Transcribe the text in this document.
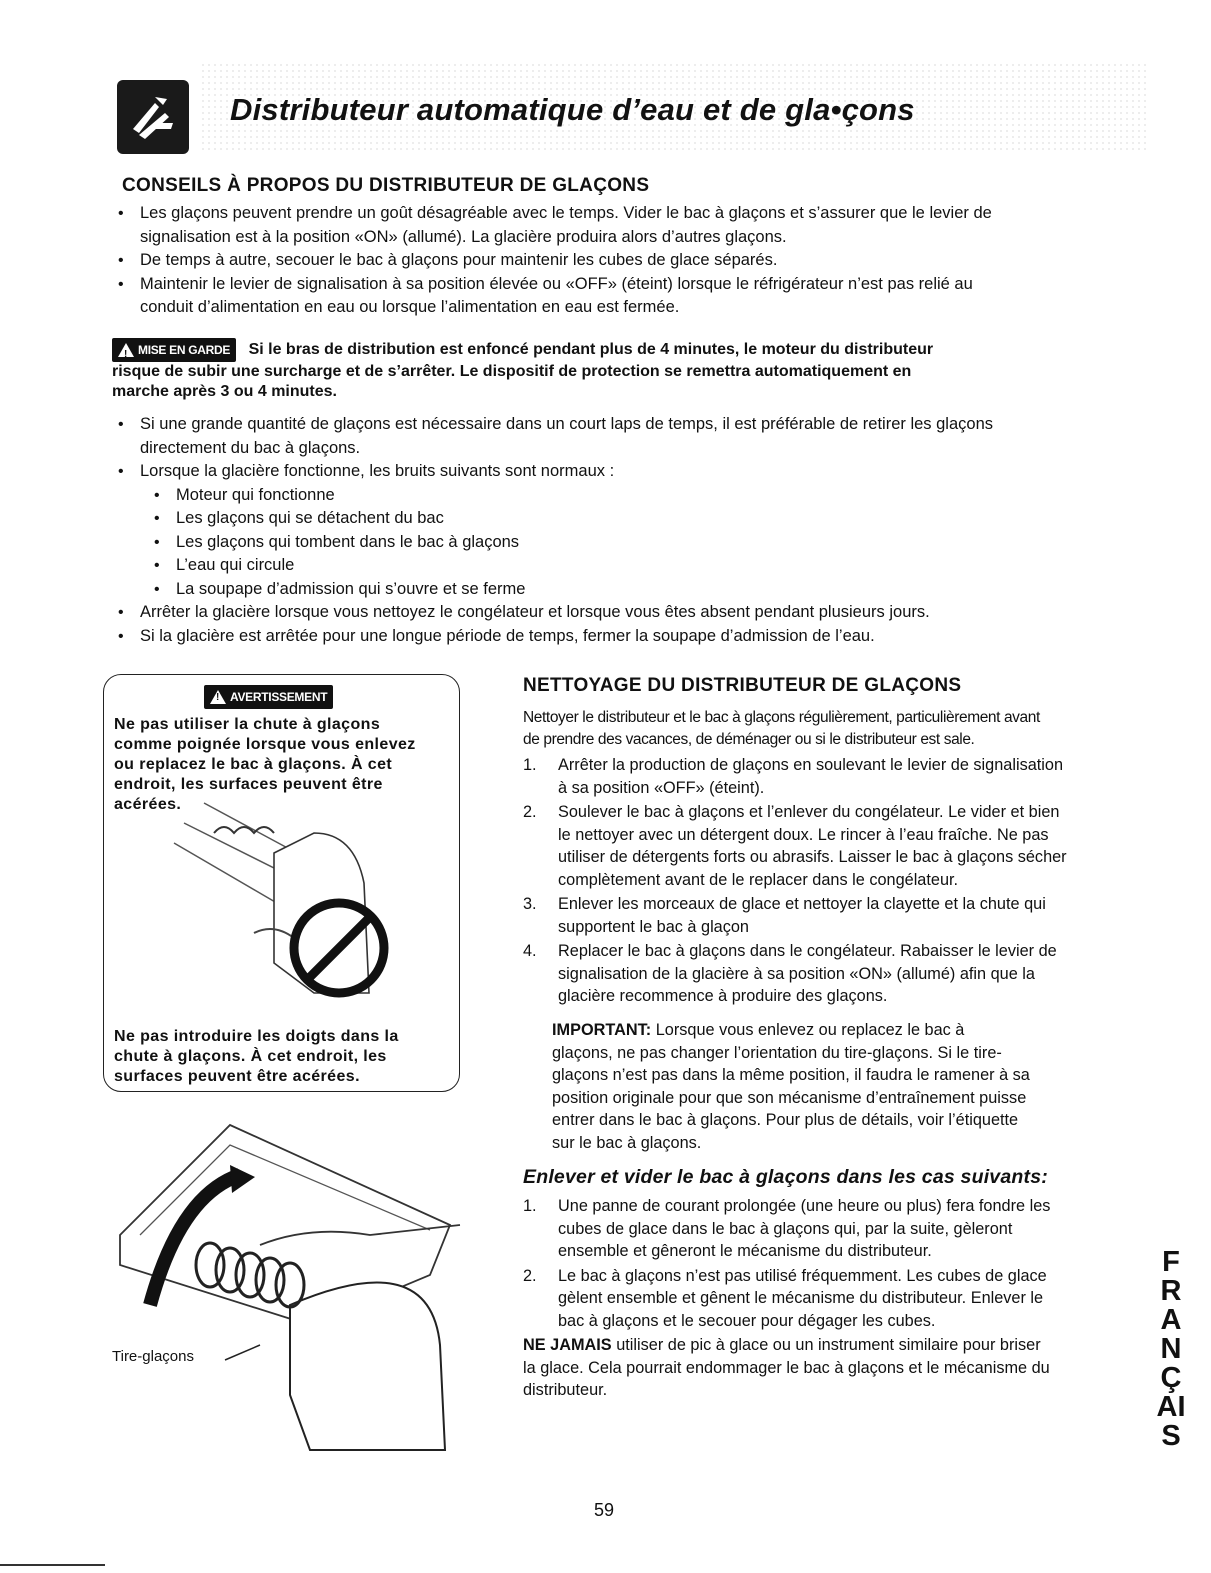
Distributeur automatique d’eau et de gla•çons
CONSEILS À PROPOS DU DISTRIBUTEUR DE GLAÇONS
• Les glaçons peuvent prendre un goût désagréable avec le temps. Vider le bac à glaçons et s’assurer que le levier de
signalisation est à la position «ON» (allumé). La glacière produira alors d’autres glaçons.
• De temps à autre, secouer le bac à glaçons pour maintenir les cubes de glace séparés.
• Maintenir le levier de signalisation à sa position élevée ou «OFF» (éteint) lorsque le réfrigérateur n’est pas relié au
conduit d’alimentation en eau ou lorsque l’alimentation en eau est fermée.
!
MISE EN GARDE Si le bras de distribution est enfoncé pendant plus de 4 minutes, le moteur du distributeur
risque de subir une surcharge et de s’arrêter. Le dispositif de protection se remettra automatiquement en
marche après 3 ou 4 minutes.
• Si une grande quantité de glaçons est nécessaire dans un court laps de temps, il est préférable de retirer les glaçons
directement du bac à glaçons.
• Lorsque la glacière fonctionne, les bruits suivants sont normaux :
• Moteur qui fonctionne
• Les glaçons qui se détachent du bac
• Les glaçons qui tombent dans le bac à glaçons
• L’eau qui circule
• La soupape d’admission qui s’ouvre et se ferme
• Arrêter la glacière lorsque vous nettoyez le congélateur et lorsque vous êtes absent pendant plusieurs jours.
• Si la glacière est arrêtée pour une longue période de temps, fermer la soupape d’admission de l’eau.
!
AVERTISSEMENT
Ne pas utiliser la chute à glaçons
comme poignée lorsque vous enlevez
ou replacez le bac à glaçons. À cet
endroit, les surfaces peuvent être
acérées.
Ne pas introduire les doigts dans la
chute à glaçons. À cet endroit, les
surfaces peuvent être acérées.
Tire-glaçons
NETTOYAGE DU DISTRIBUTEUR DE GLAÇONS
Nettoyer le distributeur et le bac à glaçons régulièrement, particulièrement avant
de prendre des vacances, de déménager ou si le distributeur est sale.
1. Arrêter la production de glaçons en soulevant le levier de signalisation
à sa position «OFF» (éteint).
2. Soulever le bac à glaçons et l’enlever du congélateur. Le vider et bien
le nettoyer avec un détergent doux. Le rincer à l’eau fraîche. Ne pas
utiliser de détergents forts ou abrasifs. Laisser le bac à glaçons sécher
complètement avant de le replacer dans le congélateur.
3. Enlever les morceaux de glace et nettoyer la clayette et la chute qui
supportent le bac à glaçon
4. Replacer le bac à glaçons dans le congélateur. Rabaisser le levier de
signalisation de la glacière à sa position «ON» (allumé) afin que la
glacière recommence à produire des glaçons.
IMPORTANT: Lorsque vous enlevez ou replacez le bac à
glaçons, ne pas changer l’orientation du tire-glaçons. Si le tire-
glaçons n’est pas dans la même position, il faudra le ramener à sa
position originale pour que son mécanisme d’entraînement puisse
entrer dans le bac à glaçons. Pour plus de détails, voir l’étiquette
sur le bac à glaçons.
Enlever et vider le bac à glaçons dans les cas suivants:
1. Une panne de courant prolongée (une heure ou plus) fera fondre les
cubes de glace dans le bac à glaçons qui, par la suite, gèleront
ensemble et gêneront le mécanisme du distributeur.
2. Le bac à glaçons n’est pas utilisé fréquemment. Les cubes de glace
gèlent ensemble et gênent le mécanisme du distributeur. Enlever le
bac à glaçons et le secouer pour dégager les cubes.
NE JAMAIS utiliser de pic à glace ou un instrument similaire pour briser
la glace. Cela pourrait endommager le bac à glaçons et le mécanisme du
distributeur.
FRANÇAIS
59
